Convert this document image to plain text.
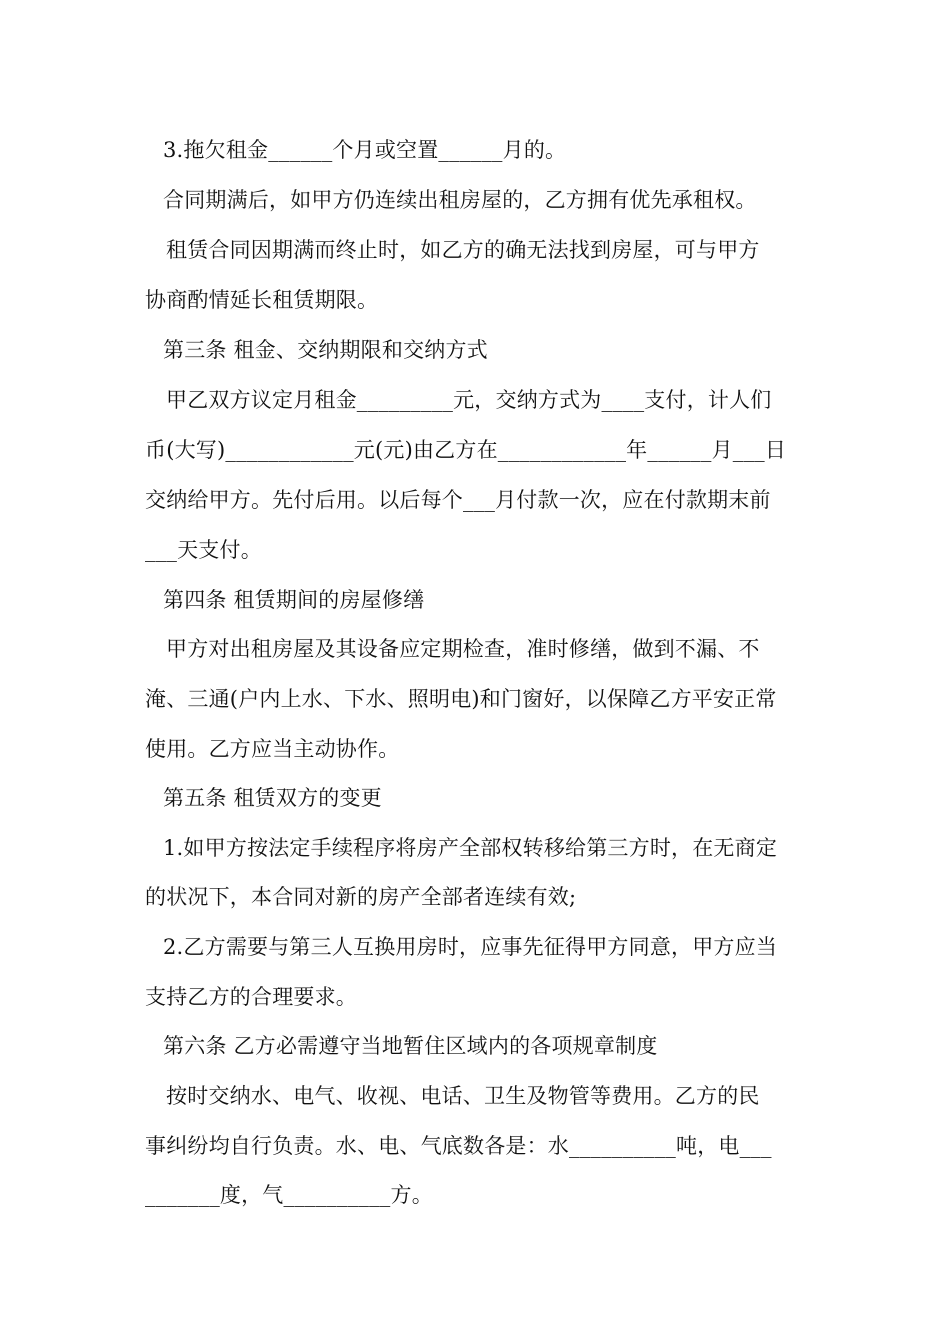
3.拖欠租金______个月或空置______月的。
合同期满后，如甲方仍连续出租房屋的，乙方拥有优先承租权。
租赁合同因期满而终止时，如乙方的确无法找到房屋，可与甲方
协商酌情延长租赁期限。
第三条 租金、交纳期限和交纳方式
甲乙双方议定月租金_________元，交纳方式为____支付，计人们
币(大写)____________元(元)由乙方在____________年______月___日
交纳给甲方。先付后用。以后每个___月付款一次，应在付款期末前
___天支付。
第四条 租赁期间的房屋修缮
甲方对出租房屋及其设备应定期检查，准时修缮，做到不漏、不
淹、三通(户内上水、下水、照明电)和门窗好，以保障乙方平安正常
使用。乙方应当主动协作。
第五条 租赁双方的变更
1.如甲方按法定手续程序将房产全部权转移给第三方时，在无商定
的状况下，本合同对新的房产全部者连续有效;
2.乙方需要与第三人互换用房时，应事先征得甲方同意，甲方应当
支持乙方的合理要求。
第六条 乙方必需遵守当地暂住区域内的各项规章制度
按时交纳水、电气、收视、电话、卫生及物管等费用。乙方的民
事纠纷均自行负责。水、电、气底数各是：水__________吨，电___
_______度，气__________方。
